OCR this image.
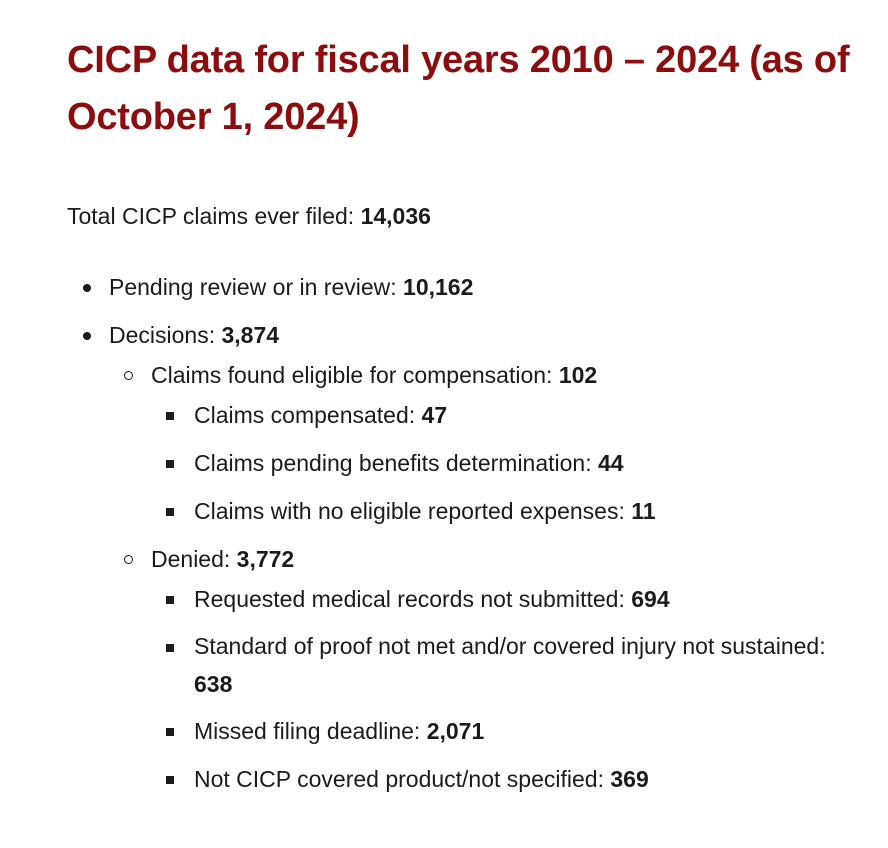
CICP data for fiscal years 2010 – 2024 (as of October 1, 2024)

Total CICP claims ever filed: 14,036

Pending review or in review: 10,162
Decisions: 3,874
Claims found eligible for compensation: 102
Claims compensated: 47
Claims pending benefits determination: 44
Claims with no eligible reported expenses: 11
Denied: 3,772
Requested medical records not submitted: 694
Standard of proof not met and/or covered injury not sustained: 638
Missed filing deadline: 2,071
Not CICP covered product/not specified: 369
